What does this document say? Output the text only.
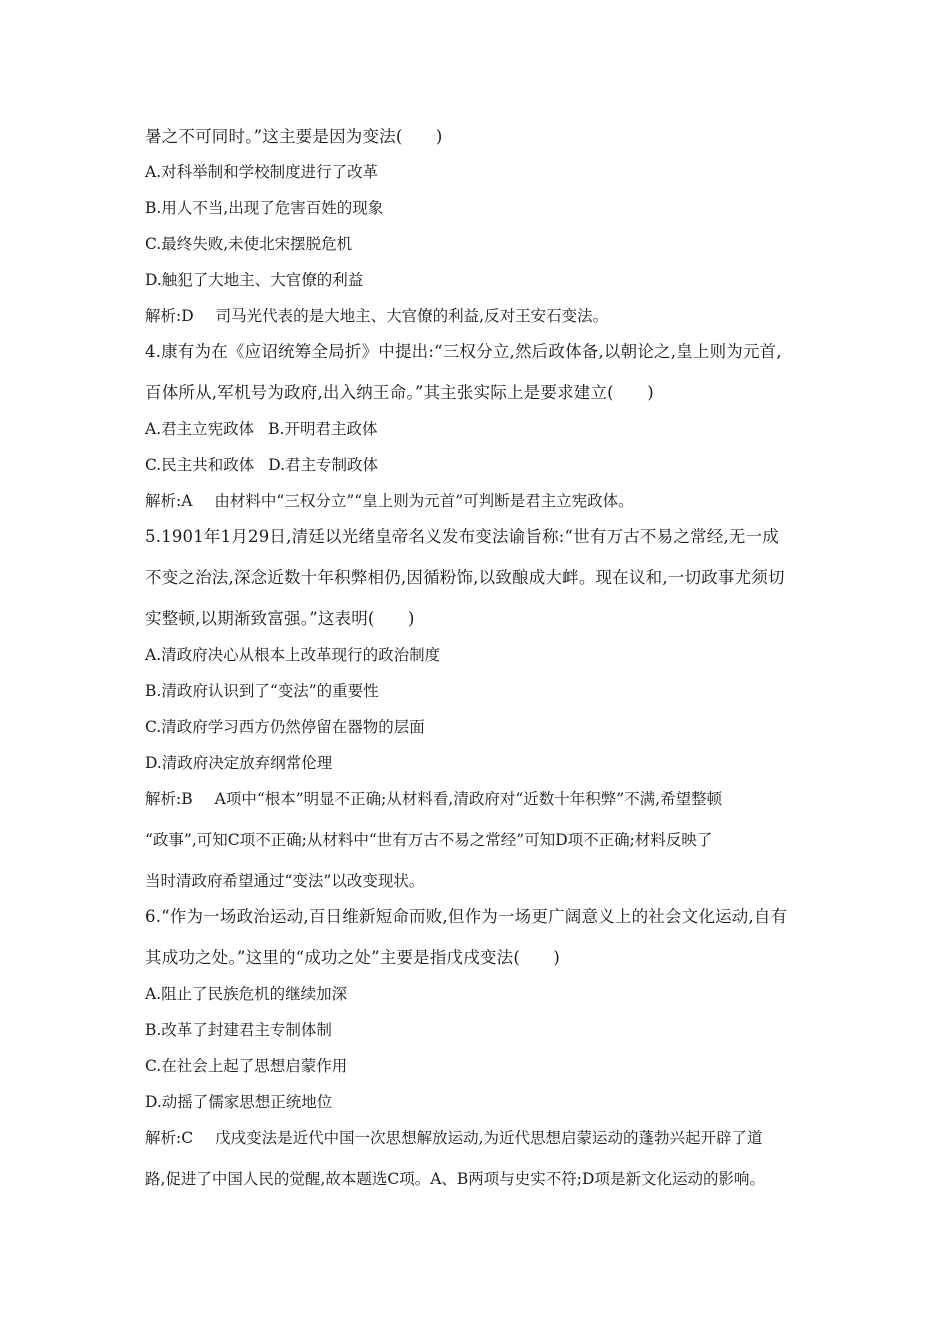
暑之不可同时。”这主要是因为变法(　　)
A.对科举制和学校制度进行了改革
B.用人不当,出现了危害百姓的现象
C.最终失败,未使北宋摆脱危机
D.触犯了大地主、大官僚的利益
解析:D 司马光代表的是大地主、大官僚的利益,反对王安石变法。
4.康有为在《应诏统筹全局折》中提出:“三权分立,然后政体备,以朝论之,皇上则为元首,
百体所从,军机号为政府,出入纳王命。”其主张实际上是要求建立(　　)
A.君主立宪政体 B.开明君主政体
C.民主共和政体 D.君主专制政体
解析:A 由材料中“三权分立”“皇上则为元首”可判断是君主立宪政体。
5.1901年1月29日,清廷以光绪皇帝名义发布变法谕旨称:“世有万古不易之常经,无一成
不变之治法,深念近数十年积弊相仍,因循粉饰,以致酿成大衅。现在议和,一切政事尤须切
实整顿,以期渐致富强。”这表明(　　)
A.清政府决心从根本上改革现行的政治制度
B.清政府认识到了“变法”的重要性
C.清政府学习西方仍然停留在器物的层面
D.清政府决定放弃纲常伦理
解析:B A项中“根本”明显不正确;从材料看,清政府对“近数十年积弊”不满,希望整顿
“政事”,可知C项不正确;从材料中“世有万古不易之常经”可知D项不正确;材料反映了
当时清政府希望通过“变法”以改变现状。
6.“作为一场政治运动,百日维新短命而败,但作为一场更广阔意义上的社会文化运动,自有
其成功之处。”这里的“成功之处”主要是指戊戌变法(　　)
A.阻止了民族危机的继续加深
B.改革了封建君主专制体制
C.在社会上起了思想启蒙作用
D.动摇了儒家思想正统地位
解析:C 戊戌变法是近代中国一次思想解放运动,为近代思想启蒙运动的蓬勃兴起开辟了道
路,促进了中国人民的觉醒,故本题选C项。A、B两项与史实不符;D项是新文化运动的影响。
